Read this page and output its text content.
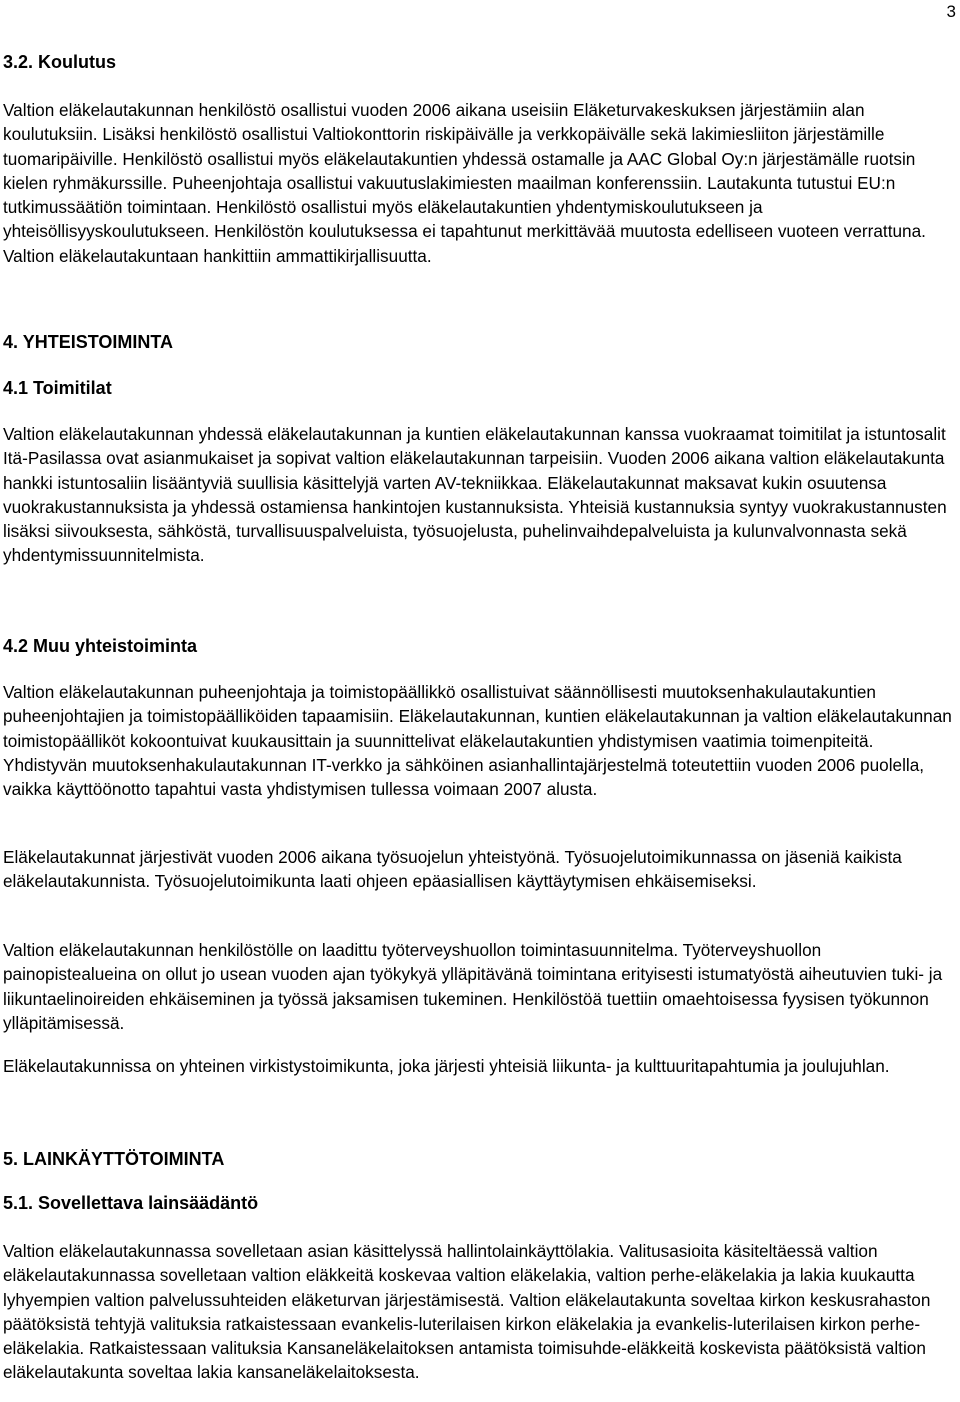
3
3.2. Koulutus

Valtion eläkelautakunnan henkilöstö osallistui vuoden 2006 aikana useisiin Eläketurvakeskuksen järjestämiin alan koulutuksiin. Lisäksi henkilöstö osallistui Valtiokonttorin riskipäivälle ja verkkopäivälle sekä lakimiesliiton järjestämille tuomaripäiville. Henkilöstö osallistui myös eläkelautakuntien yhdessä ostamalle ja AAC Global Oy:n järjestämälle ruotsin kielen ryhmäkurssille. Puheenjohtaja osallistui vakuutuslakimiesten maailman konferenssiin. Lautakunta tutustui EU:n tutkimussäätiön toimintaan. Henkilöstö osallistui myös eläkelautakuntien yhdentymiskoulutukseen ja yhteisöllisyyskoulutukseen. Henkilöstön koulutuksessa ei tapahtunut merkittävää muutosta edelliseen vuoteen verrattuna. Valtion eläkelautakuntaan hankittiin ammattikirjallisuutta.

4. YHTEISTOIMINTA
4.1 Toimitilat

Valtion eläkelautakunnan yhdessä eläkelautakunnan ja kuntien eläkelautakunnan kanssa vuokraamat toimitilat ja istuntosalit Itä-Pasilassa ovat asianmukaiset ja sopivat valtion eläkelautakunnan tarpeisiin. Vuoden 2006 aikana valtion eläkelautakunta hankki istuntosaliin lisääntyviä suullisia käsittelyjä varten AV-tekniikkaa. Eläkelautakunnat maksavat kukin osuutensa vuokrakustannuksista ja yhdessä ostamiensa hankintojen kustannuksista. Yhteisiä kustannuksia syntyy vuokrakustannusten lisäksi siivouksesta, sähköstä, turvallisuuspalveluista, työsuojelusta, puhelinvaihdepalveluista ja kulunvalvonnasta sekä yhdentymissuunnitelmista.

4.2 Muu yhteistoiminta

Valtion eläkelautakunnan puheenjohtaja ja toimistopäällikkö osallistuivat säännöllisesti muutoksenhakulautakuntien puheenjohtajien ja toimistopäälliköiden tapaamisiin. Eläkelautakunnan, kuntien eläkelautakunnan ja valtion eläkelautakunnan toimistopäälliköt kokoontuivat kuukausittain ja suunnittelivat eläkelautakuntien yhdistymisen vaatimia toimenpiteitä. Yhdistyvän muutoksenhakulautakunnan IT-verkko ja sähköinen asianhallintajärjestelmä toteutettiin vuoden 2006 puolella, vaikka käyttöönotto tapahtui vasta yhdistymisen tullessa voimaan 2007 alusta.

Eläkelautakunnat järjestivät vuoden 2006 aikana työsuojelun yhteistyönä. Työsuojelutoimikunnassa on jäseniä kaikista eläkelautakunnista. Työsuojelutoimikunta laati ohjeen epäasiallisen käyttäytymisen ehkäisemiseksi.

Valtion eläkelautakunnan henkilöstölle on laadittu työterveyshuollon toimintasuunnitelma. Työterveyshuollon painopistealueina on ollut jo usean vuoden ajan työkykyä ylläpitävänä toimintana erityisesti istumatyöstä aiheutuvien tuki- ja liikuntaelinoireiden ehkäiseminen ja työssä jaksamisen tukeminen. Henkilöstöä tuettiin omaehtoisessa fyysisen työkunnon ylläpitämisessä.

Eläkelautakunnissa on yhteinen virkistystoimikunta, joka järjesti yhteisiä liikunta- ja kulttuuritapahtumia ja joulujuhlan.

5. LAINKÄYTTÖTOIMINTA
5.1. Sovellettava lainsäädäntö

Valtion eläkelautakunnassa sovelletaan asian käsittelyssä hallintolainkäyttölakia. Valitusasioita käsiteltäessä valtion eläkelautakunnassa sovelletaan valtion eläkkeitä koskevaa valtion eläkelakia, valtion perhe-eläkelakia ja lakia kuukautta lyhyempien valtion palvelussuhteiden eläketurvan järjestämisestä. Valtion eläkelautakunta soveltaa kirkon keskusrahaston päätöksistä tehtyjä valituksia ratkaistessaan evankelis-luterilaisen kirkon eläkelakia ja evankelis-luterilaisen kirkon perhe-eläkelakia. Ratkaistessaan valituksia Kansaneläkelaitoksen antamista toimisuhde-eläkkeitä koskevista päätöksistä valtion eläkelautakunta soveltaa lakia kansaneläkelaitoksesta.
